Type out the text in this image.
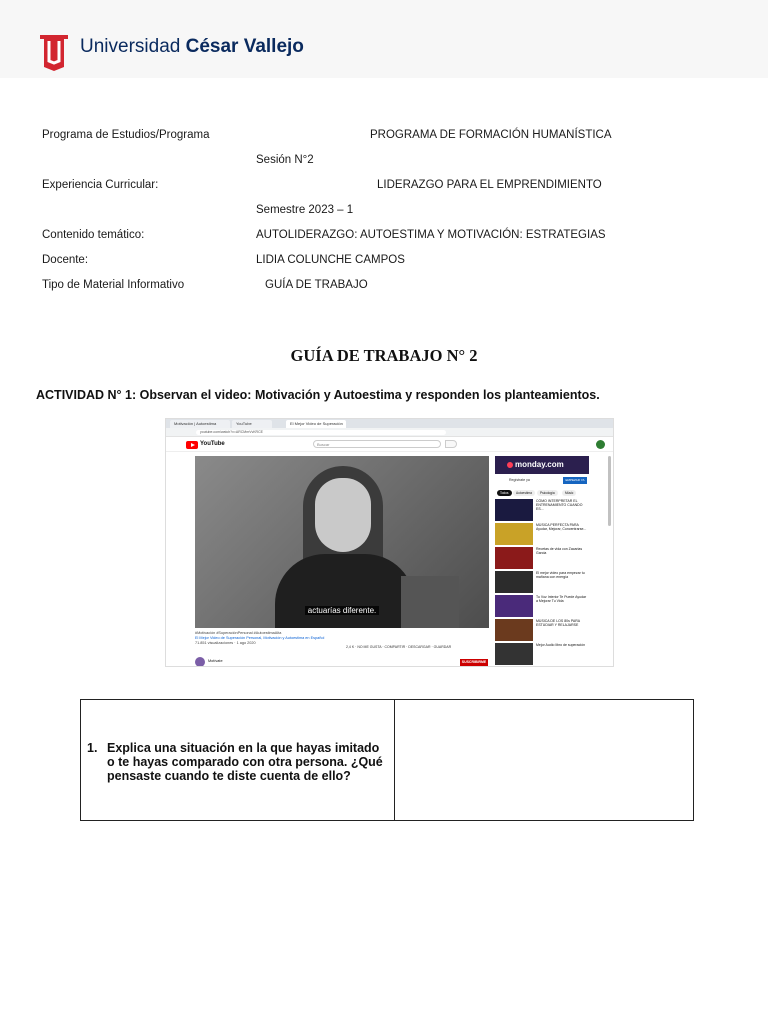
Universidad César Vallejo
Programa de Estudios/Programa	PROGRAMA DE FORMACIÓN HUMANÍSTICA
Sesión N°2
Experiencia Curricular:	LIDERAZGO PARA EL EMPRENDIMIENTO
Semestre 2023 – 1
Contenido temático:	AUTOLIDERAZGO: AUTOESTIMA Y MOTIVACIÓN: ESTRATEGIAS
Docente:	LIDIA COLUNCHE CAMPOS
Tipo de Material Informativo	GUÍA DE TRABAJO
GUÍA DE TRABAJO N° 2
ACTIVIDAD N° 1: Observan el video: Motivación y Autoestima y responden los planteamientos.
Motivación | Autoestima	YouTube	El Mejor Video de Superación
youtube.com/watch?v=ARCMmVvKRCE
YouTube	Buscar
actuarías diferente.
#Motivación #SuperaciónPersonal #AutoestimaAlta
El Mejor Video de Superación Personal, Motivación y Autoestima en Español
71.851 visualizaciones · 1 ago 2020
2,4 K · NO ME GUSTA · COMPARTIR · DESCARGAR · GUARDAR
Motívate	SUSCRIBIRME
monday.com
Regístrate ya	EMPEZAR YA
Todos	Autoestima	Psicología	Músic
CÓMO INTERPRETAR EL ENTRENAMIENTO CUANDO ES...
MÚSICA PERFECTA PARA Ayudar, Mejorar, Concentrarse...
Recetas de vida con Zacarias Garcia
El mejor video para empezar tu mañana con energía
Tu Voz Interior Te Puede Ayudar a Mejorar Tu Vida
MÚSICA DE LOS 80s PARA ESTUDIAR Y RELAJARSE
Mejor Audio libro de superación
1. Explica una situación en la que hayas imitado o te hayas comparado con otra persona. ¿Qué pensaste cuando te diste cuenta de ello?
